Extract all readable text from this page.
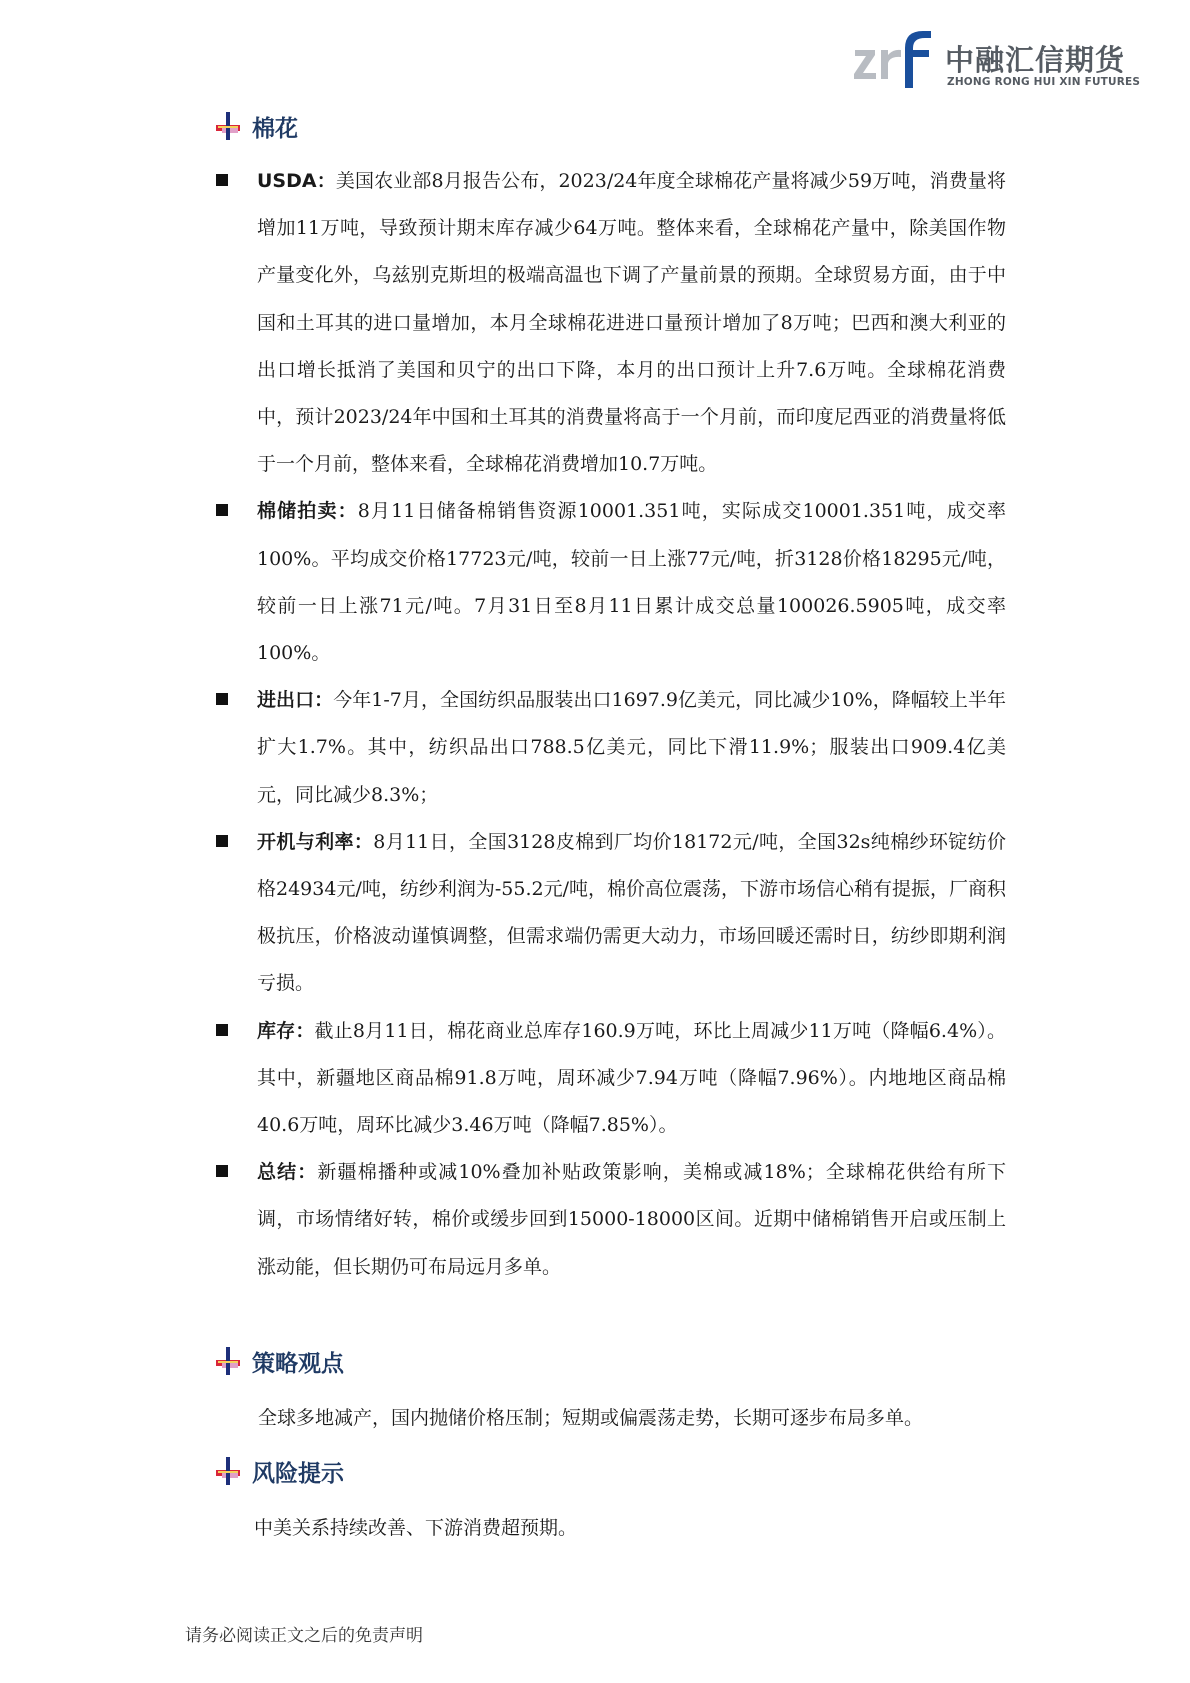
中融汇信期货
ZHONG RONG HUI XIN FUTURES
棉花
USDA：美国农业部8月报告公布，2023/24年度全球棉花产量将减少59万吨，消费量将增加11万吨，导致预计期末库存减少64万吨。整体来看，全球棉花产量中，除美国作物产量变化外，乌兹别克斯坦的极端高温也下调了产量前景的预期。全球贸易方面，由于中国和土耳其的进口量增加，本月全球棉花进进口量预计增加了8万吨；巴西和澳大利亚的出口增长抵消了美国和贝宁的出口下降，本月的出口预计上升7.6万吨。全球棉花消费中，预计2023/24年中国和土耳其的消费量将高于一个月前，而印度尼西亚的消费量将低于一个月前，整体来看，全球棉花消费增加10.7万吨。
棉储拍卖：8月11日储备棉销售资源10001.351吨，实际成交10001.351吨，成交率100%。平均成交价格17723元/吨，较前一日上涨77元/吨，折3128价格18295元/吨，较前一日上涨71元/吨。7月31日至8月11日累计成交总量100026.5905吨，成交率100%。
进出口：今年1-7月，全国纺织品服装出口1697.9亿美元，同比减少10%，降幅较上半年扩大1.7%。其中，纺织品出口788.5亿美元，同比下滑11.9%；服装出口909.4亿美元，同比减少8.3%；
开机与利率：8月11日，全国3128皮棉到厂均价18172元/吨，全国32s纯棉纱环锭纺价格24934元/吨，纺纱利润为-55.2元/吨，棉价高位震荡，下游市场信心稍有提振，厂商积极抗压，价格波动谨慎调整，但需求端仍需更大动力，市场回暖还需时日，纺纱即期利润亏损。
库存：截止8月11日，棉花商业总库存160.9万吨，环比上周减少11万吨（降幅6.4%）。 其中，新疆地区商品棉91.8万吨，周环减少7.94万吨（降幅7.96%）。内地地区商品棉40.6万吨，周环比减少3.46万吨（降幅7.85%）。
总结：新疆棉播种或减10%叠加补贴政策影响，美棉或减18%；全球棉花供给有所下调，市场情绪好转，棉价或缓步回到15000-18000区间。近期中储棉销售开启或压制上涨动能，但长期仍可布局远月多单。
策略观点
全球多地减产，国内抛储价格压制；短期或偏震荡走势，长期可逐步布局多单。
风险提示
中美关系持续改善、下游消费超预期。
请务必阅读正文之后的免责声明
